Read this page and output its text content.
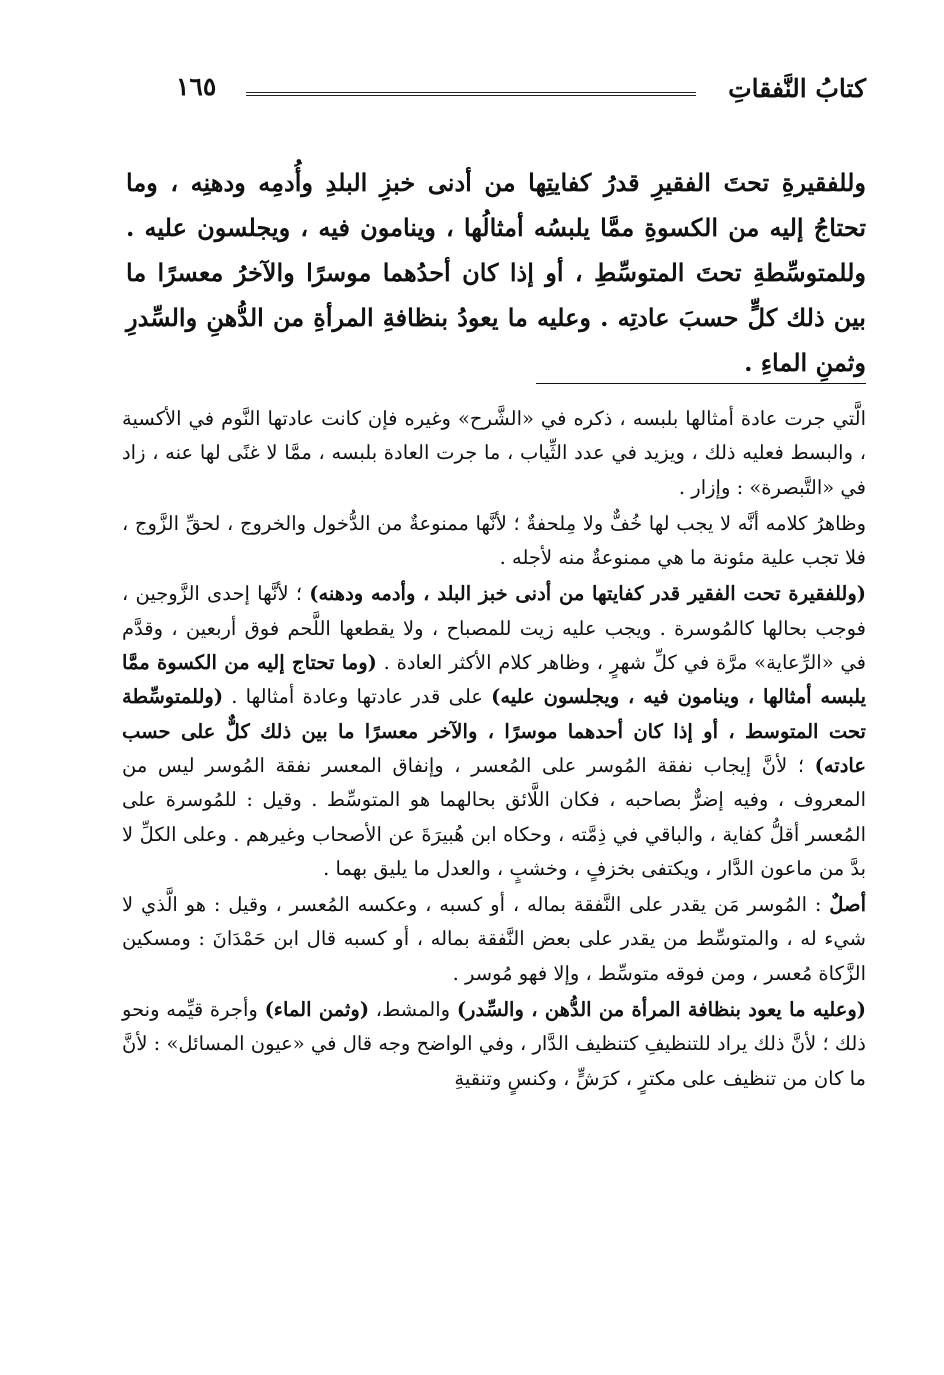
كتابُ النَّفقاتِ
١٦٥

وللفقيرةِ تحتَ الفقيرِ قدرُ كفايتِها من أدنى خبزِ البلدِ وأُدمِه ودهنِه ، وما تحتاجُ إليه من الكسوةِ ممَّا يلبسُه أمثالُها ، وينامون فيه ، ويجلسون عليه . وللمتوسِّطةِ تحتَ المتوسِّطِ ، أو إذا كان أحدُهما موسرًا والآخرُ معسرًا ما بين ذلك كلٍّ حسبَ عادتِه . وعليه ما يعودُ بنظافةِ المرأةِ من الدُّهنِ والسِّدرِ وثمنِ الماءِ .

الَّتي جرت عادة أمثالها بلبسه ، ذكره في «الشَّرح» وغيره فإن كانت عادتها النَّوم في الأكسية ، والبسط فعليه ذلك ، ويزيد في عدد الثِّياب ، ما جرت العادة بلبسه ، ممَّا لا غنًى لها عنه ، زاد في «التَّبصرة» : وإزار .

وظاهرُ كلامه أنَّه لا يجب لها خُفٌّ ولا مِلحفةٌ ؛ لأنَّها ممنوعةٌ من الدُّخول والخروج ، لحقِّ الزَّوج ، فلا تجب علية مئونة ما هي ممنوعةٌ منه لأجله .

(وللفقيرة تحت الفقير قدر كفايتها من أدنى خبز البلد ، وأدمه ودهنه) ؛ لأنَّها إحدى الزَّوجين ، فوجب بحالها كالمُوسرة . ويجب عليه زيت للمصباح ، ولا يقطعها اللَّحم فوق أربعين ، وقدَّم في «الرِّعاية» مرَّة في كلِّ شهرٍ ، وظاهر كلام الأكثر العادة . (وما تحتاج إليه من الكسوة ممَّا يلبسه أمثالها ، وينامون فيه ، ويجلسون عليه) على قدر عادتها وعادة أمثالها . (وللمتوسِّطة تحت المتوسط ، أو إذا كان أحدهما موسرًا ، والآخر معسرًا ما بين ذلك كلٌّ على حسب عادته) ؛ لأنَّ إيجاب نفقة المُوسر على المُعسر ، وإنفاق المعسر نفقة المُوسر ليس من المعروف ، وفيه إضرٌّ بصاحبه ، فكان اللَّائق بحالهما هو المتوسِّط . وقيل : للمُوسرة على المُعسر أقلُّ كفاية ، والباقي في ذِمَّته ، وحكاه ابن هُبيرَةَ عن الأصحاب وغيرهم . وعلى الكلِّ لا بدَّ من ماعون الدَّار ، ويكتفى بخزفٍ ، وخشبٍ ، والعدل ما يليق بهما .

أصلٌ : المُوسر مَن يقدر على النَّفقة بماله ، أو كسبه ، وعكسه المُعسر ، وقيل : هو الَّذي لا شيء له ، والمتوسِّط من يقدر على بعض النَّفقة بماله ، أو كسبه قال ابن حَمْدَانَ : ومسكين الزَّكاة مُعسر ، ومن فوقه متوسِّط ، وإلا فهو مُوسر .

(وعليه ما يعود بنظافة المرأة من الدُّهن ، والسِّدر) والمشط، (وثمن الماء) وأجرة قيِّمه ونحو ذلك ؛ لأنَّ ذلك يراد للتنظيفِ كتنظيف الدَّار ، وفي الواضح وجه قال في «عيون المسائل» : لأنَّ ما كان من تنظيف على مكترٍ ، كرَشٍّ ، وكنسٍ وتنقيةِ
